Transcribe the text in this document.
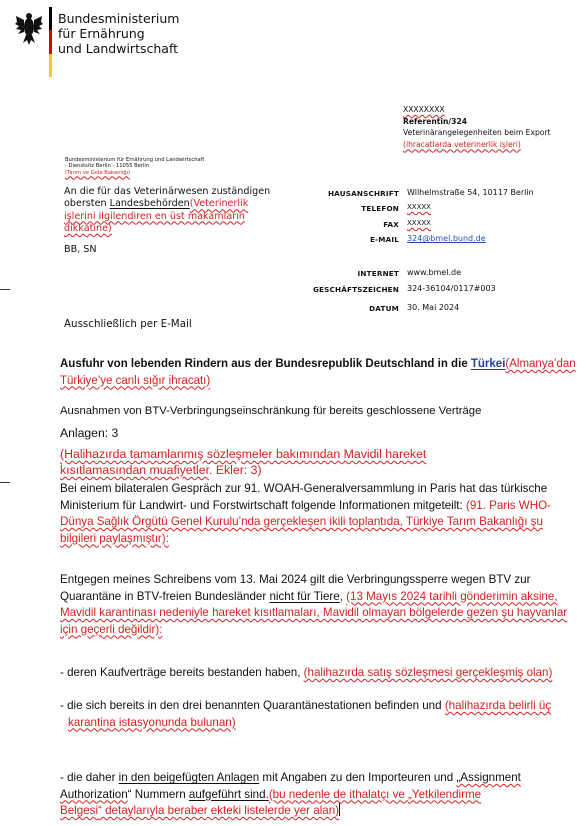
Bundesministerium
für Ernährung
und Landwirtschaft
XXXXXXXX
Referentin/324
Veterinärangelegenheiten beim Export
(ihracatlarda veterinerlik işleri)
Bundesministerium für Ernährung und Landwirtschaft
- Dienstsitz Berlin - 11055 Berlin
(Tarım ve Gıda Bakanlığı)
An die für das Veterinärwesen zuständigen
obersten Landesbehörden(Veterinerlik
işlerini ilgilendiren en üst makamların
dikkatine)
BB, SN
HAUSANSCHRIFT Wilhelmstraße 54, 10117 Berlin
TELEFON XXXXX
FAX XXXXX
E-MAIL 324@bmel.bund.de
INTERNET www.bmel.de
GESCHÄFTSZEICHEN 324-36104/0117#003
DATUM 30. Mai 2024
Ausschließlich per E-Mail
Ausfuhr von lebenden Rindern aus der Bundesrepublik Deutschland in die Türkei(Almanya’dan
Türkiye’ye canlı sığır ihracatı)
Ausnahmen von BTV-Verbringungseinschränkung für bereits geschlossene Verträge
Anlagen: 3
(Halihazırda tamamlanmış sözleşmeler bakımından Mavidil hareket
kısıtlamasından muafiyetler. Ekler: 3)
Bei einem bilateralen Gespräch zur 91. WOAH-Generalversammlung in Paris hat das türkische
Ministerium für Landwirt- und Forstwirtschaft folgende Informationen mitgeteilt: (91. Paris WHO-
Dünya Sağlık Örgütü Genel Kurulu’nda gerçekleşen ikili toplantıda, Türkiye Tarım Bakanlığı şu
bilgileri paylaşmıştır):
Entgegen meines Schreibens vom 13. Mai 2024 gilt die Verbringungssperre wegen BTV zur
Quarantäne in BTV-freien Bundesländer nicht für Tiere, (13 Mayıs 2024 tarihli gönderimin aksine,
Mavidil karantinası nedeniyle hareket kısıtlamaları, Mavidil olmayan bölgelerde gezen şu hayvanlar
için geçerli değildir):
- deren Kaufverträge bereits bestanden haben, (halihazırda satış sözleşmesi gerçekleşmiş olan)
- die sich bereits in den drei benannten Quarantänestationen befinden und (halihazırda belirli üç
karantina istasyonunda bulunan)
- die daher in den beigefügten Anlagen mit Angaben zu den Importeuren und „Assignment
Authorization“ Nummern aufgeführt sind.(bu nedenle de ithalatçı ve „Yetkilendirme
Belgesi“ detaylarıyla beraber ekteki listelerde yer alan)
